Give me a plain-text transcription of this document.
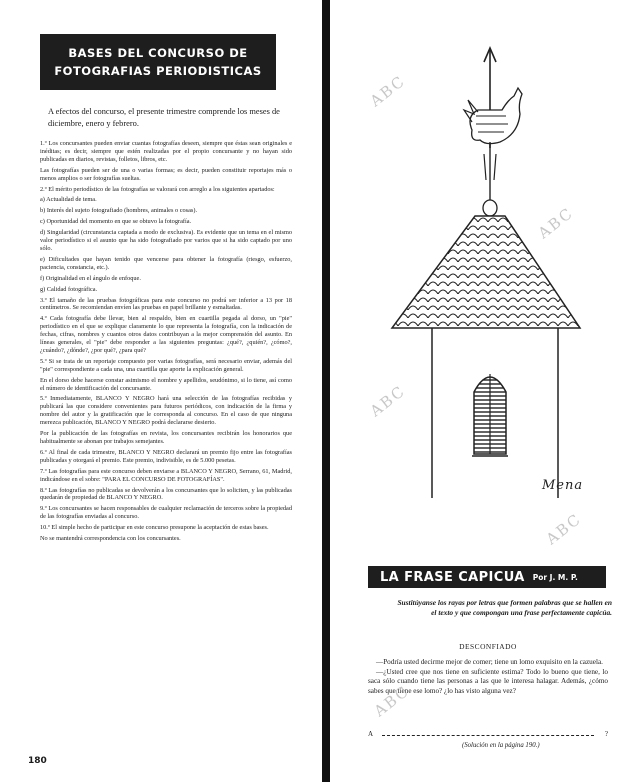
BASES DEL CONCURSO DE
FOTOGRAFIAS PERIODISTICAS
A efectos del concurso, el presente trimestre comprende los meses de diciembre, enero y febrero.

1.º Los concursantes pueden enviar cuantas fotografías deseen, siempre que éstas sean originales e inéditas; es decir, siempre que estén realizadas por el propio concursante y no hayan sido publicadas en diarios, revistas, folletos, libros, etc.

Las fotografías pueden ser de una o varias formas; es decir, pueden constituir reportajes más o menos amplios o ser fotografías sueltas.

2.º El mérito periodístico de las fotografías se valorará con arreglo a los siguientes apartados:

a) Actualidad de tema.

b) Interés del sujeto fotografiado (hombres, animales o cosas).

c) Oportunidad del momento en que se obtuvo la fotografía.

d) Singularidad (circunstancia captada a modo de exclusiva). Es evidente que un tema en el mismo valor periodístico si el asunto que ha sido fotografiado por varios que si ha sido captado por uno sólo.

e) Dificultades que hayan tenido que vencerse para obtener la fotografía (riesgo, esfuerzo, paciencia, constancia, etc.).

f) Originalidad en el ángulo de enfoque.

g) Calidad fotográfica.

3.º El tamaño de las pruebas fotográficas para este concurso no podrá ser inferior a 13 por 18 centímetros. Se recomiendan envíen las pruebas en papel brillante y esmaltadas.

4.º Cada fotografía debe llevar, bien al respaldo, bien en cuartilla pegada al dorso, un "pie" periodístico en el que se explique claramente lo que representa la fotografía, con la indicación de fechas, cifras, nombres y cuantos otros datos contribuyan a la mejor comprensión del asunto. En líneas generales, el "pie" debe responder a las siguientes preguntas: ¿qué?, ¿quién?, ¿cómo?, ¿cuándo?, ¿dónde?, ¿por qué?, ¿para qué?

5.º Si se trata de un reportaje compuesto por varias fotografías, será necesario enviar, además del "pie" correspondiente a cada una, una cuartilla que aporte la explicación general.

En el dorso debe hacerse constar asimismo el nombre y apellidos, seudónimo, si lo tiene, así como el número de identificación del concursante.

5.º Inmediatamente, BLANCO Y NEGRO hará una selección de las fotografías recibidas y publicará las que considere convenientes para futuros periódicos, con indicación de la firma y nombre del autor y la gratificación que le corresponda al concurso. En el caso de que ninguna merezca publicación, BLANCO Y NEGRO podrá declararse desierto.

Por la publicación de las fotografías en revista, los concursantes recibirán los honorarios que habitualmente se abonan por trabajos semejantes.

6.º Al final de cada trimestre, BLANCO Y NEGRO declarará un premio fijo entre las fotografías publicadas y otorgará el premio. Este premio, indivisible, es de 5.000 pesetas.

7.º Las fotografías para este concurso deben enviarse a BLANCO Y NEGRO, Serrano, 61, Madrid, indicándose en el sobre: "PARA EL CONCURSO DE FOTOGRAFÍAS".

8.º Las fotografías no publicadas se devolverán a los concursantes que lo soliciten, y las publicadas quedarán de propiedad de BLANCO Y NEGRO.

9.º Los concursantes se hacen responsables de cualquier reclamación de terceros sobre la propiedad de las fotografías enviadas al concurso.

10.º El simple hecho de participar en este concurso presupone la aceptación de estas bases.

No se mantendrá correspondencia con los concursantes.

180
Mena
LA FRASE CAPICUA Por J. M. P.
Sustitúyanse los rayas por letras que formen palabras que se hallen en el texto y que compongan una frase perfectamente capicúa.
DESCONFIADO

—Podría usted decirme mejor de comer; tiene un lomo exquisito en la cazuela.

—¿Usted cree que nos tiene en suficiente estima? Todo lo bueno que tiene, lo saca sólo cuando tiene las personas a las que le interesa halagar. Además, ¿cómo sabes que tiene ese lomo? ¿lo has visto alguna vez?

A	?
(Solución en la página 190.)
ABC
ABC
ABC
ABC
ABC
